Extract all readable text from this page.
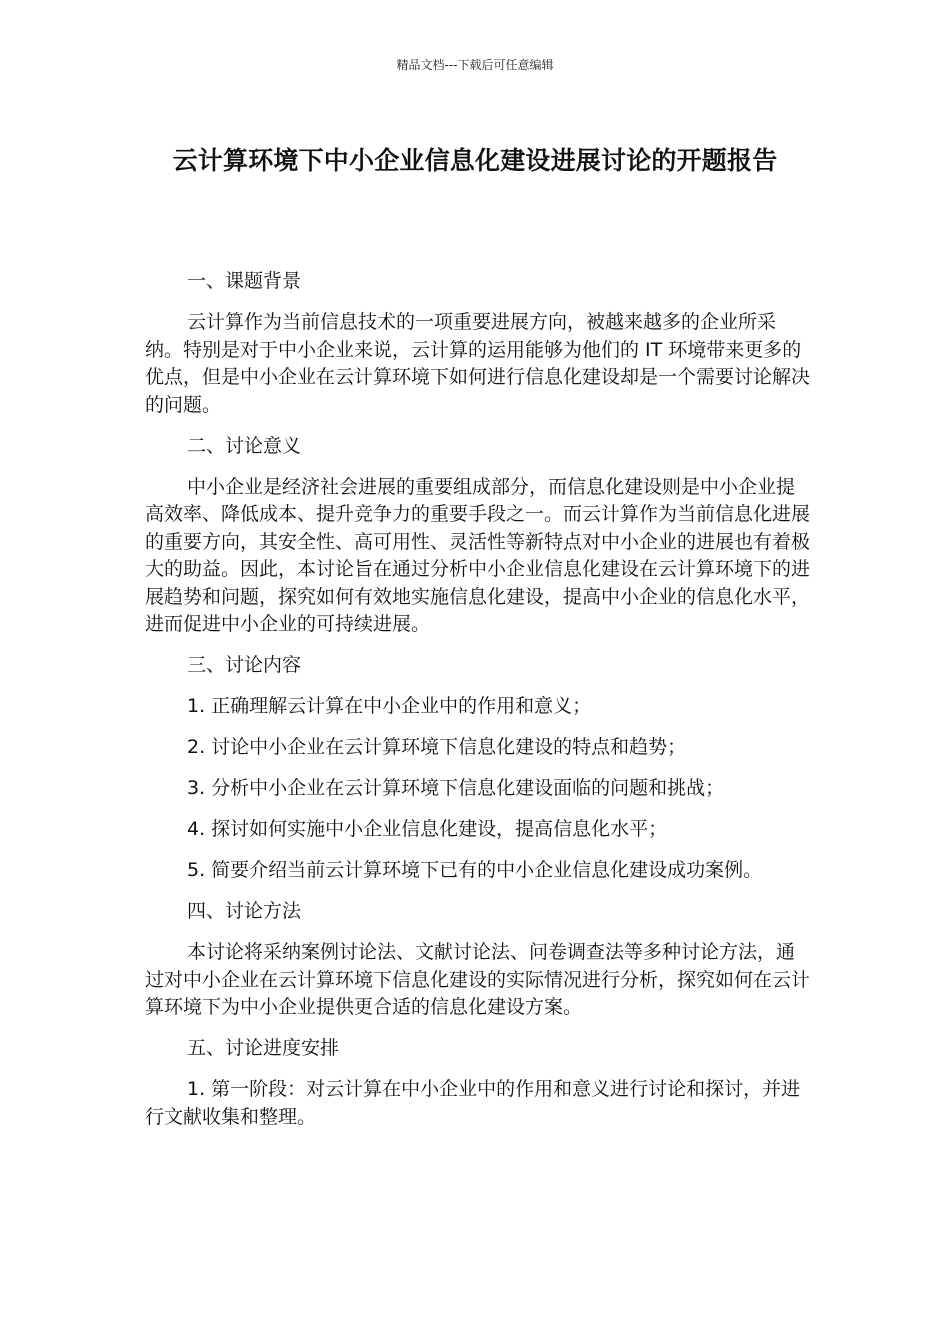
精品文档---下载后可任意编辑
云计算环境下中小企业信息化建设进展讨论的开题报告

一、课题背景

云计算作为当前信息技术的一项重要进展方向，被越来越多的企业所采纳。特别是对于中小企业来说，云计算的运用能够为他们的 IT 环境带来更多的优点，但是中小企业在云计算环境下如何进行信息化建设却是一个需要讨论解决的问题。

二、讨论意义

中小企业是经济社会进展的重要组成部分，而信息化建设则是中小企业提高效率、降低成本、提升竞争力的重要手段之一。而云计算作为当前信息化进展的重要方向，其安全性、高可用性、灵活性等新特点对中小企业的进展也有着极大的助益。因此，本讨论旨在通过分析中小企业信息化建设在云计算环境下的进展趋势和问题，探究如何有效地实施信息化建设，提高中小企业的信息化水平，进而促进中小企业的可持续进展。

三、讨论内容

1. 正确理解云计算在中小企业中的作用和意义；

2. 讨论中小企业在云计算环境下信息化建设的特点和趋势；

3. 分析中小企业在云计算环境下信息化建设面临的问题和挑战；

4. 探讨如何实施中小企业信息化建设，提高信息化水平；

5. 简要介绍当前云计算环境下已有的中小企业信息化建设成功案例。

四、讨论方法

本讨论将采纳案例讨论法、文献讨论法、问卷调查法等多种讨论方法，通过对中小企业在云计算环境下信息化建设的实际情况进行分析，探究如何在云计算环境下为中小企业提供更合适的信息化建设方案。

五、讨论进度安排

1. 第一阶段：对云计算在中小企业中的作用和意义进行讨论和探讨，并进行文献收集和整理。
